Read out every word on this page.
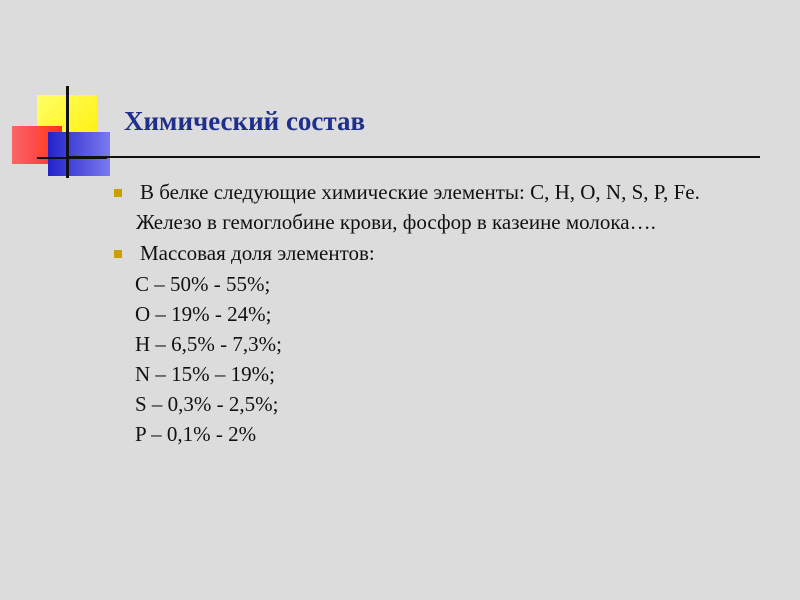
Химический состав
В белке следующие химические элементы: C, H, O, N, S, P, Fe.
Железо в гемоглобине крови, фосфор в казеине молока….
Массовая доля элементов:
C – 50% - 55%;
O – 19% - 24%;
H – 6,5% - 7,3%;
N – 15% – 19%;
S – 0,3% - 2,5%;
P – 0,1% - 2%
